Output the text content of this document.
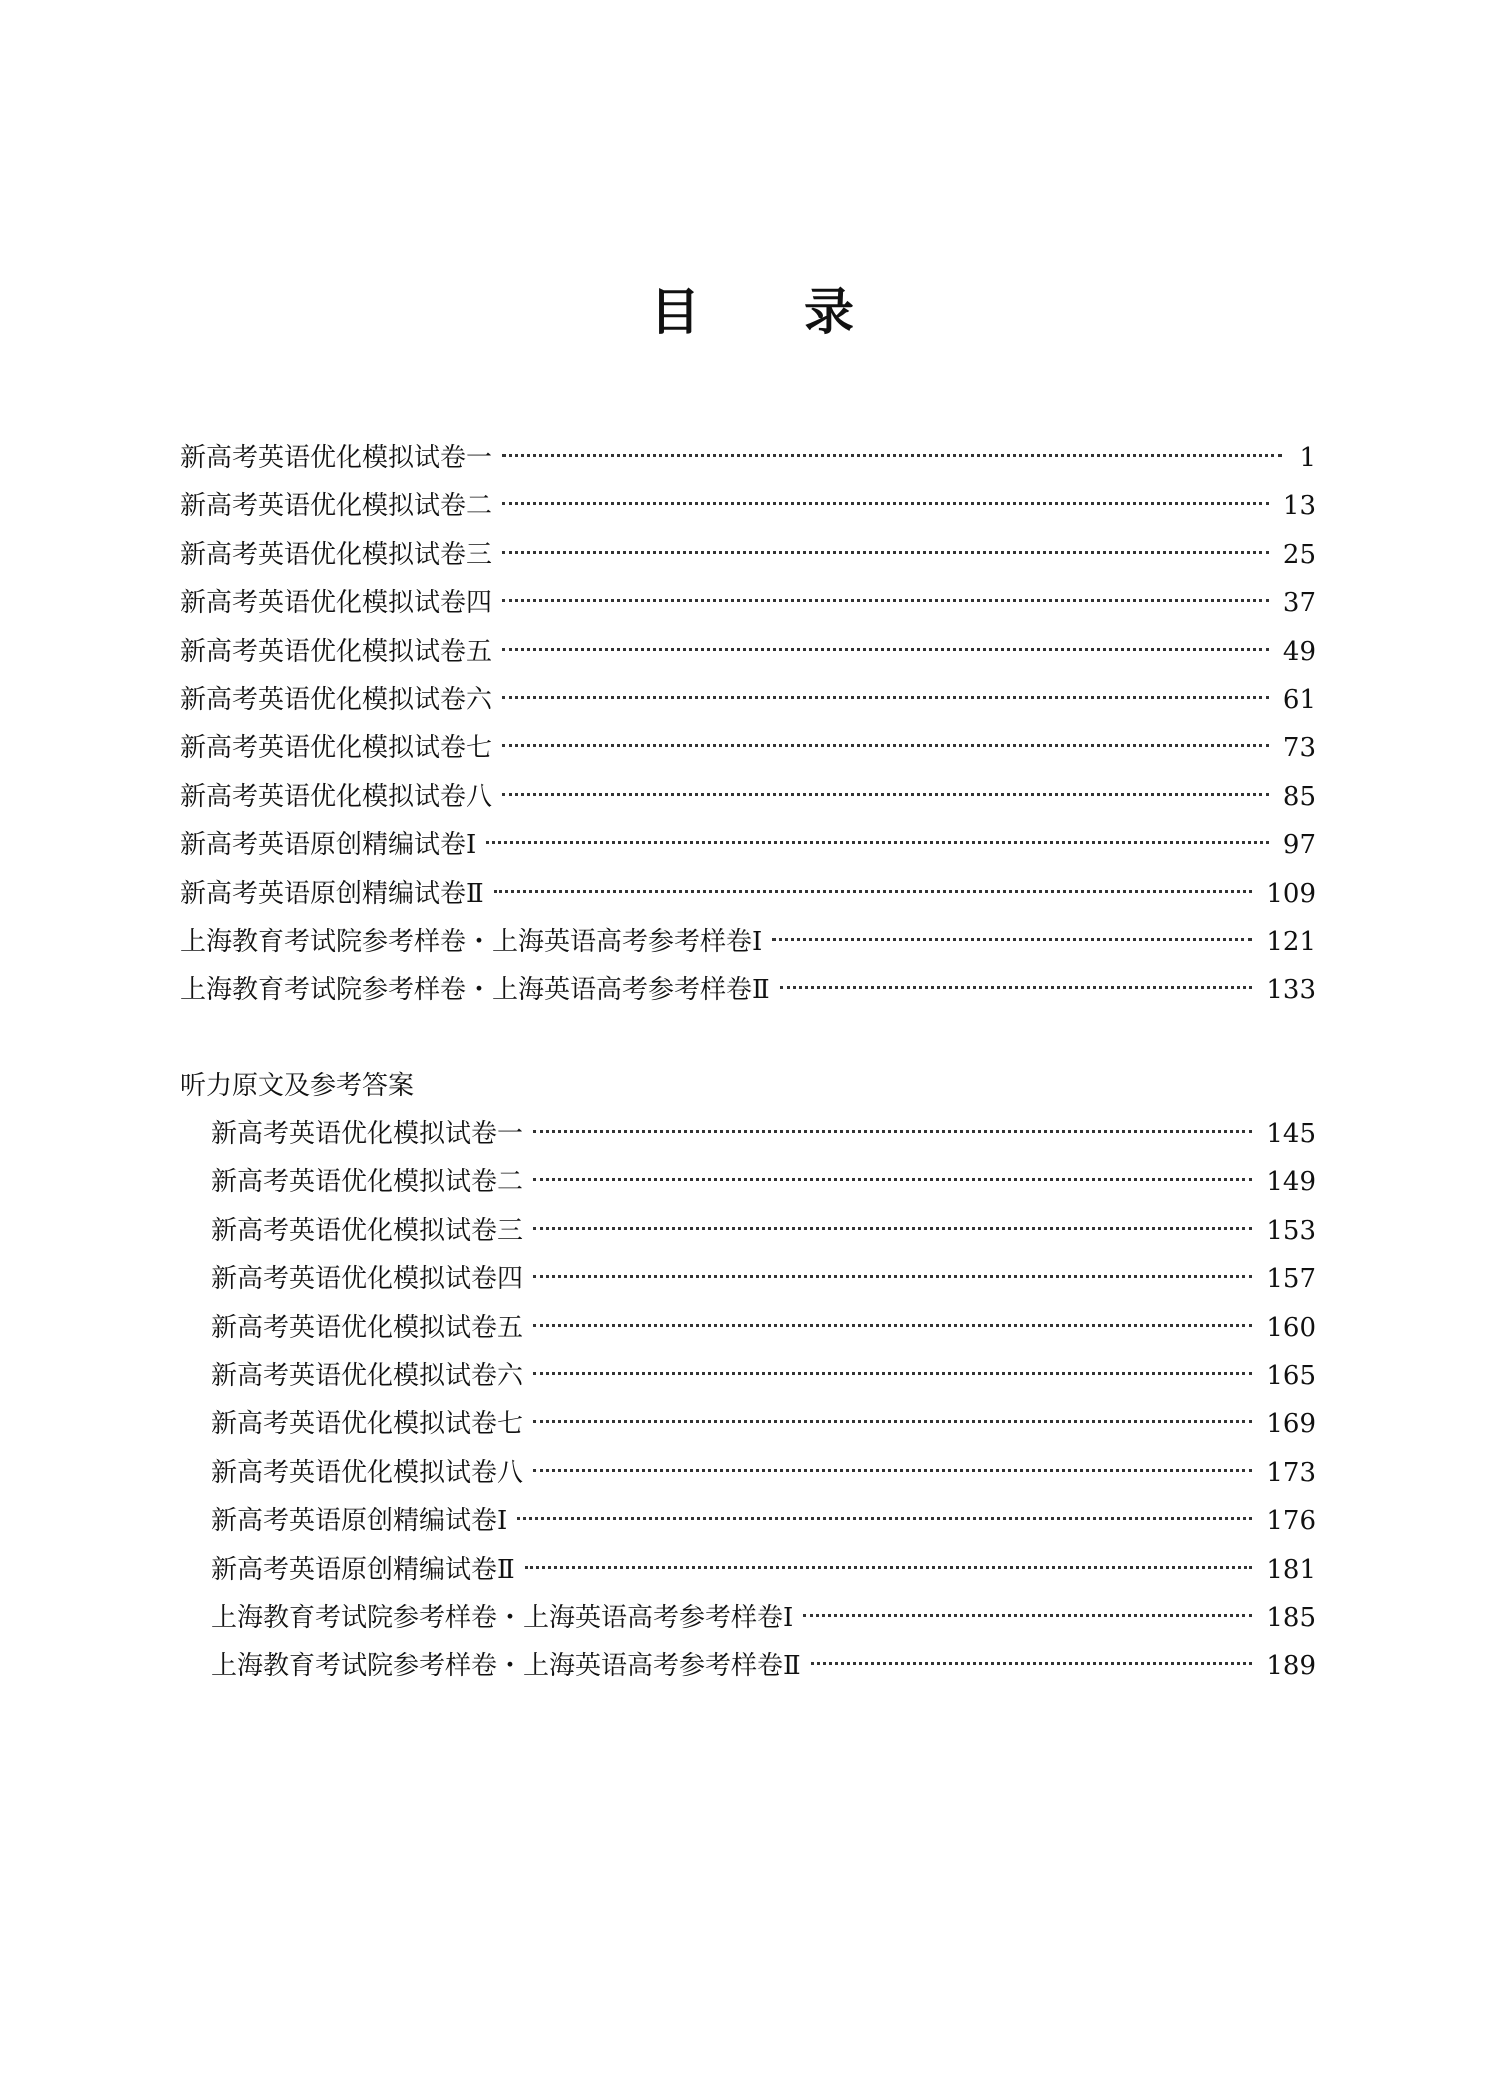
目 录
新高考英语优化模拟试卷一	1
新高考英语优化模拟试卷二	13
新高考英语优化模拟试卷三	25
新高考英语优化模拟试卷四	37
新高考英语优化模拟试卷五	49
新高考英语优化模拟试卷六	61
新高考英语优化模拟试卷七	73
新高考英语优化模拟试卷八	85
新高考英语原创精编试卷Ⅰ	97
新高考英语原创精编试卷Ⅱ	109
上海教育考试院参考样卷・上海英语高考参考样卷Ⅰ	121
上海教育考试院参考样卷・上海英语高考参考样卷Ⅱ	133
听力原文及参考答案
新高考英语优化模拟试卷一	145
新高考英语优化模拟试卷二	149
新高考英语优化模拟试卷三	153
新高考英语优化模拟试卷四	157
新高考英语优化模拟试卷五	160
新高考英语优化模拟试卷六	165
新高考英语优化模拟试卷七	169
新高考英语优化模拟试卷八	173
新高考英语原创精编试卷Ⅰ	176
新高考英语原创精编试卷Ⅱ	181
上海教育考试院参考样卷・上海英语高考参考样卷Ⅰ	185
上海教育考试院参考样卷・上海英语高考参考样卷Ⅱ	189
